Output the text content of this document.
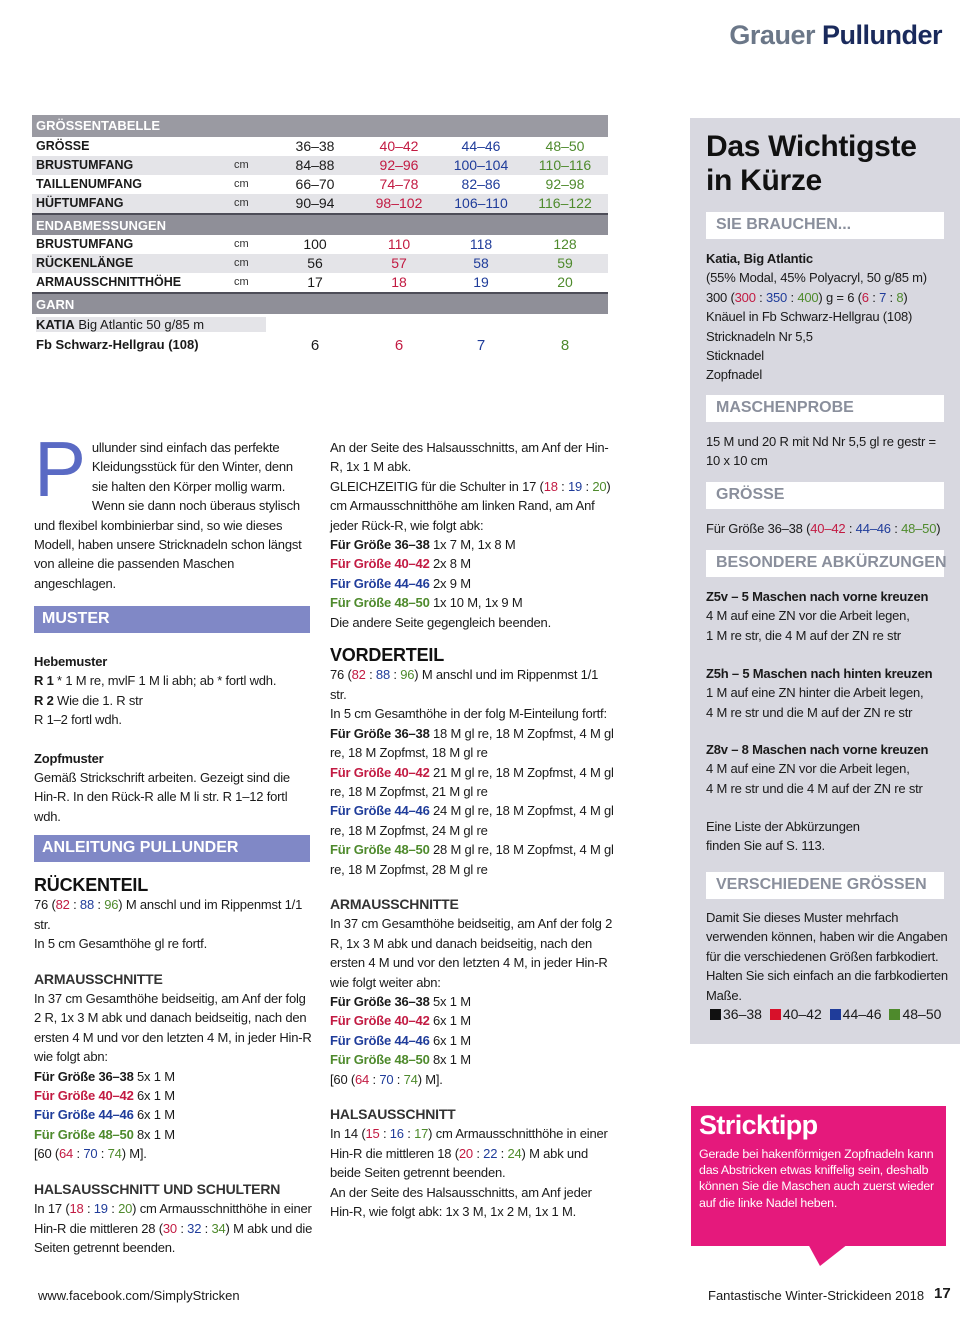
Grauer Pullunder
GRÖSSENTABELLE
GRÖSSE	36–38	40–42	44–46	48–50
BRUSTUMFANG	cm	84–88	92–96	100–104	110–116
TAILLENUMFANG	cm	66–70	74–78	82–86	92–98
HÜFTUMFANG	cm	90–94	98–102	106–110	116–122
ENDABMESSUNGEN
BRUSTUMFANG	cm	100	110	118	128
RÜCKENLÄNGE	cm	56	57	58	59
ARMAUSSCHNITTHÖHE	cm	17	18	19	20
GARN
KATIA Big Atlantic 50 g/85 m
Fb Schwarz-Hellgrau (108)	6	6	7	8
Das Wichtigste
in Kürze
SIE BRAUCHEN...
Katia, Big Atlantic
(55% Modal, 45% Polyacryl, 50 g/85 m)
300 (300 : 350 : 400) g = 6 (6 : 7 : 8)
Knäuel in Fb Schwarz-Hellgrau (108)
Stricknadeln Nr 5,5
Sticknadel
Zopfnadel
MASCHENPROBE
15 M und 20 R mit Nd Nr 5,5 gl re gestr =
10 x 10 cm
GRÖSSE
Für Größe 36–38 (40–42 : 44–46 : 48–50)
BESONDERE ABKÜRZUNGEN
Z5v – 5 Maschen nach vorne kreuzen
4 M auf eine ZN vor die Arbeit legen,
1 M re str, die 4 M auf der ZN re str
Z5h – 5 Maschen nach hinten kreuzen
1 M auf eine ZN hinter die Arbeit legen,
4 M re str und die M auf der ZN re str
Z8v – 8 Maschen nach vorne kreuzen
4 M auf eine ZN vor die Arbeit legen,
4 M re str und die 4 M auf der ZN re str
Eine Liste der Abkürzungen
finden Sie auf S. 113.
VERSCHIEDENE GRÖSSEN
Damit Sie dieses Muster mehrfach verwenden können, haben wir die Angaben für die verschiedenen Größen farbkodiert. Halten Sie sich einfach an die farbkodierten Maße.
36–38 40–42 44–46 48–50
Pullunder sind einfach das perfekte Kleidungsstück für den Winter, denn sie halten den Körper mollig warm. Wenn sie dann noch überaus stylisch und flexibel kombinierbar sind, so wie dieses Modell, haben unsere Stricknadeln schon längst von alleine die passenden Maschen angeschlagen.
MUSTER
Hebemuster
R 1 * 1 M re, mvlF 1 M li abh; ab * fortl wdh.
R 2 Wie die 1. R str
R 1–2 fortl wdh.
Zopfmuster
Gemäß Strickschrift arbeiten. Gezeigt sind die Hin-R. In den Rück-R alle M li str. R 1–12 fortl wdh.
ANLEITUNG PULLUNDER
RÜCKENTEIL
76 (82 : 88 : 96) M anschl und im Rippenmst 1/1 str.
In 5 cm Gesamthöhe gl re fortf.
ARMAUSSCHNITTE
In 37 cm Gesamthöhe beidseitig, am Anf der folg 2 R, 1x 3 M abk und danach beidseitig, nach den ersten 4 M und vor den letzten 4 M, in jeder Hin-R wie folgt abn:
Für Größe 36–38 5x 1 M
Für Größe 40–42 6x 1 M
Für Größe 44–46 6x 1 M
Für Größe 48–50 8x 1 M
[60 (64 : 70 : 74) M].
HALSAUSSCHNITT UND SCHULTERN
In 17 (18 : 19 : 20) cm Armausschnitthöhe in einer Hin-R die mittleren 28 (30 : 32 : 34) M abk und die Seiten getrennt beenden.
An der Seite des Halsausschnitts, am Anf der Hin-R, 1x 1 M abk.
GLEICHZEITIG für die Schulter in 17 (18 : 19 : 20) cm Armausschnitthöhe am linken Rand, am Anf jeder Rück-R, wie folgt abk:
Für Größe 36–38 1x 7 M, 1x 8 M
Für Größe 40–42 2x 8 M
Für Größe 44–46 2x 9 M
Für Größe 48–50 1x 10 M, 1x 9 M
Die andere Seite gegengleich beenden.
VORDERTEIL
76 (82 : 88 : 96) M anschl und im Rippenmst 1/1 str.
In 5 cm Gesamthöhe in der folg M-Einteilung fortf:
Für Größe 36–38 18 M gl re, 18 M Zopfmst, 4 M gl re, 18 M Zopfmst, 18 M gl re
Für Größe 40–42 21 M gl re, 18 M Zopfmst, 4 M gl re, 18 M Zopfmst, 21 M gl re
Für Größe 44–46 24 M gl re, 18 M Zopfmst, 4 M gl re, 18 M Zopfmst, 24 M gl re
Für Größe 48–50 28 M gl re, 18 M Zopfmst, 4 M gl re, 18 M Zopfmst, 28 M gl re
ARMAUSSCHNITTE
In 37 cm Gesamthöhe beidseitig, am Anf der folg 2 R, 1x 3 M abk und danach beidseitig, nach den ersten 4 M und vor den letzten 4 M, in jeder Hin-R wie folgt weiter abn:
Für Größe 36–38 5x 1 M
Für Größe 40–42 6x 1 M
Für Größe 44–46 6x 1 M
Für Größe 48–50 8x 1 M
[60 (64 : 70 : 74) M].
HALSAUSSCHNITT
In 14 (15 : 16 : 17) cm Armausschnitthöhe in einer Hin-R die mittleren 18 (20 : 22 : 24) M abk und beide Seiten getrennt beenden.
An der Seite des Halsausschnitts, am Anf jeder Hin-R, wie folgt abk: 1x 3 M, 1x 2 M, 1x 1 M.
Stricktipp

Gerade bei hakenförmigen Zopfnadeln kann das Abstricken etwas kniffelig sein, deshalb können Sie die Maschen auch zuerst wieder auf die linke Nadel heben.

www.facebook.com/SimplyStricken	Fantastische Winter-Strickideen 2018 17
